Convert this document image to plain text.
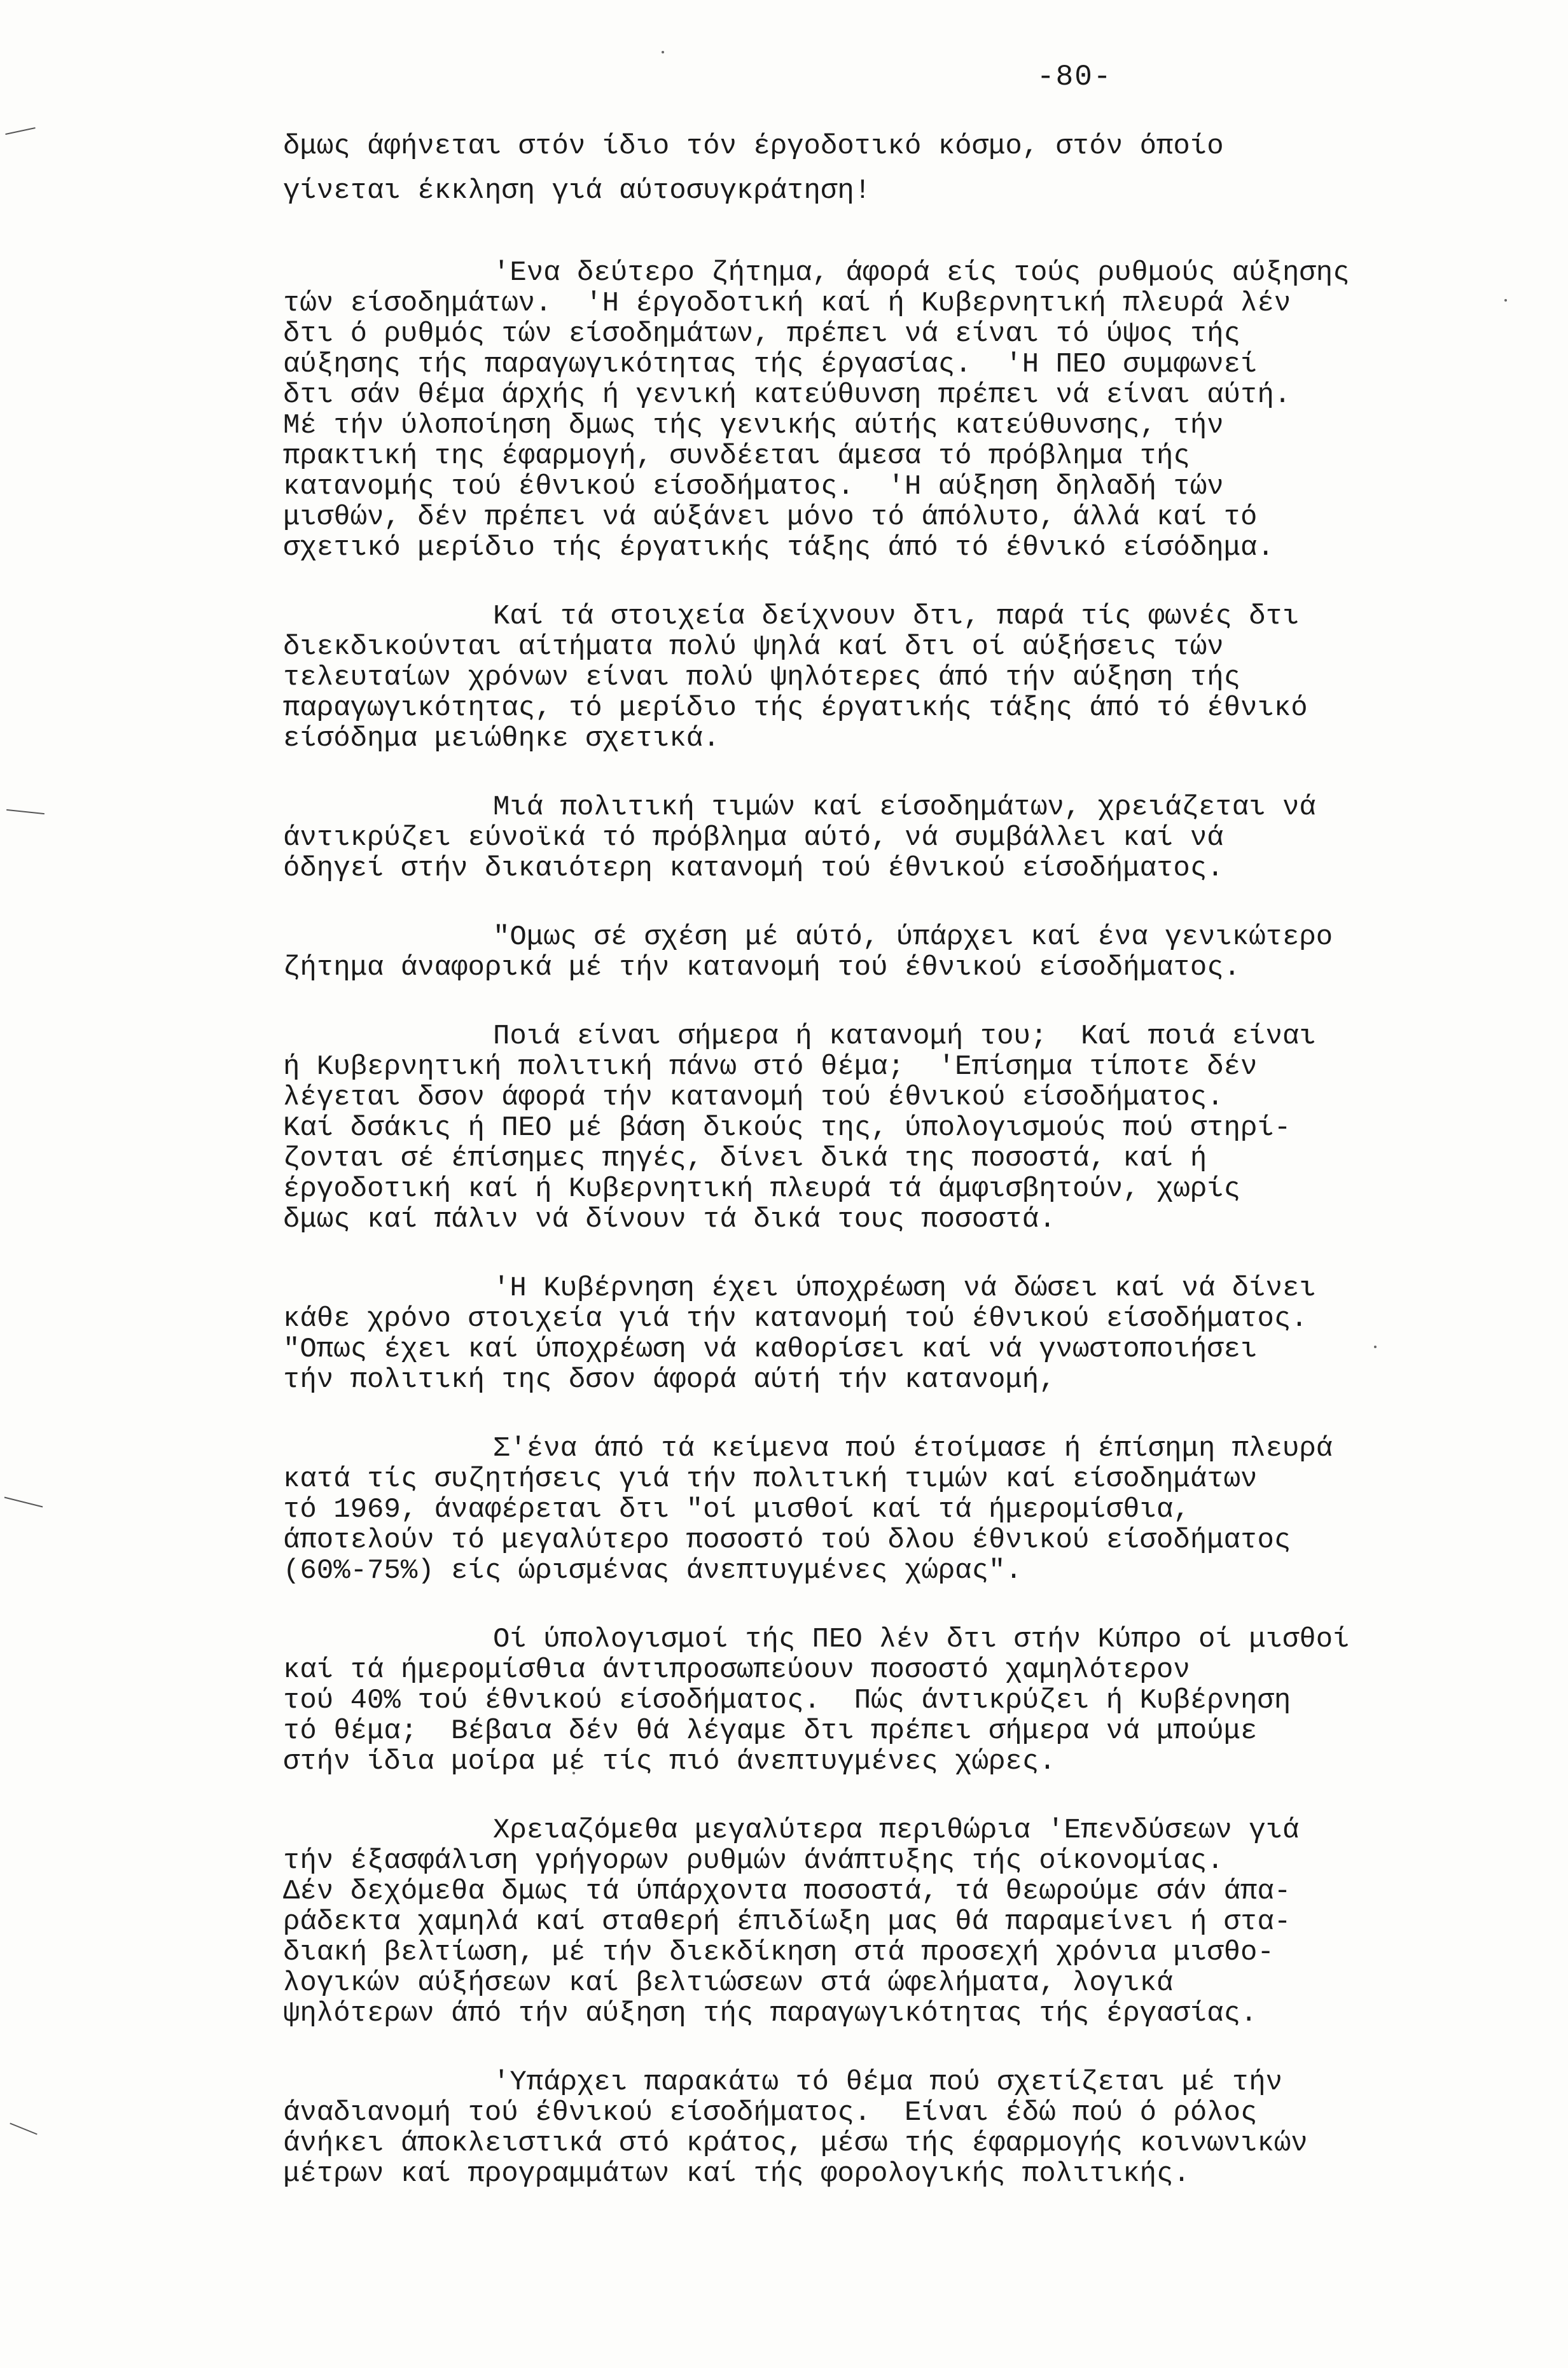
-80-
δμως άφήνεται στόν ίδιο τόν έργοδοτικό κόσμο, στόν όποίο
γίνεται έκκληση γιά αύτοσυγκράτηση!
'Ενα δεύτερο ζήτημα, άφορά είς τούς ρυθμούς αύξησης
τών είσοδημάτων.  'Η έργοδοτική καί ή Κυβερνητική πλευρά λέν
δτι ό ρυθμός τών είσοδημάτων, πρέπει νά είναι τό ύψος τής
αύξησης τής παραγωγικότητας τής έργασίας.  'Η ΠΕΟ συμφωνεί
δτι σάν θέμα άρχής ή γενική κατεύθυνση πρέπει νά είναι αύτή.
Μέ τήν ύλοποίηση δμως τής γενικής αύτής κατεύθυνσης, τήν
πρακτική της έφαρμογή, συνδέεται άμεσα τό πρόβλημα τής
κατανομής τού έθνικού είσοδήματος.  'Η αύξηση δηλαδή τών
μισθών, δέν πρέπει νά αύξάνει μόνο τό άπόλυτο, άλλά καί τό
σχετικό μερίδιο τής έργατικής τάξης άπό τό έθνικό είσόδημα.
Καί τά στοιχεία δείχνουν δτι, παρά τίς φωνές δτι
διεκδικούνται αίτήματα πολύ ψηλά καί δτι οί αύξήσεις τών
τελευταίων χρόνων είναι πολύ ψηλότερες άπό τήν αύξηση τής
παραγωγικότητας, τό μερίδιο τής έργατικής τάξης άπό τό έθνικό
είσόδημα μειώθηκε σχετικά.
Μιά πολιτική τιμών καί είσοδημάτων, χρειάζεται νά
άντικρύζει εύνοϊκά τό πρόβλημα αύτό, νά συμβάλλει καί νά
όδηγεί στήν δικαιότερη κατανομή τού έθνικού είσοδήματος.
"Ομως σέ σχέση μέ αύτό, ύπάρχει καί ένα γενικώτερο
ζήτημα άναφορικά μέ τήν κατανομή τού έθνικού είσοδήματος.
Ποιά είναι σήμερα ή κατανομή του;  Καί ποιά είναι
ή Κυβερνητική πολιτική πάνω στό θέμα;  'Επίσημα τίποτε δέν
λέγεται δσον άφορά τήν κατανομή τού έθνικού είσοδήματος.
Καί δσάκις ή ΠΕΟ μέ βάση δικούς της, ύπολογισμούς πού στηρί-
ζονται σέ έπίσημες πηγές, δίνει δικά της ποσοστά, καί ή
έργοδοτική καί ή Κυβερνητική πλευρά τά άμφισβητούν, χωρίς
δμως καί πάλιν νά δίνουν τά δικά τους ποσοστά.
'Η Κυβέρνηση έχει ύποχρέωση νά δώσει καί νά δίνει
κάθε χρόνο στοιχεία γιά τήν κατανομή τού έθνικού είσοδήματος.
"Οπως έχει καί ύποχρέωση νά καθορίσει καί νά γνωστοποιήσει
τήν πολιτική της δσον άφορά αύτή τήν κατανομή,
Σ'ένα άπό τά κείμενα πού έτοίμασε ή έπίσημη πλευρά
κατά τίς συζητήσεις γιά τήν πολιτική τιμών καί είσοδημάτων
τό 1969, άναφέρεται δτι "οί μισθοί καί τά ήμερομίσθια,
άποτελούν τό μεγαλύτερο ποσοστό τού δλου έθνικού είσοδήματος
(60%-75%) είς ώρισμένας άνεπτυγμένες χώρας".
Οί ύπολογισμοί τής ΠΕΟ λέν δτι στήν Κύπρο οί μισθοί
καί τά ήμερομίσθια άντιπροσωπεύουν ποσοστό χαμηλότερον
τού 40% τού έθνικού είσοδήματος.  Πώς άντικρύζει ή Κυβέρνηση
τό θέμα;  Βέβαια δέν θά λέγαμε δτι πρέπει σήμερα νά μπούμε
στήν ίδια μοίρα μέ τίς πιό άνεπτυγμένες χώρες.
Χρειαζόμεθα μεγαλύτερα περιθώρια 'Επενδύσεων γιά
τήν έξασφάλιση γρήγορων ρυθμών άνάπτυξης τής οίκονομίας.
Δέν δεχόμεθα δμως τά ύπάρχοντα ποσοστά, τά θεωρούμε σάν άπα-
ράδεκτα χαμηλά καί σταθερή έπιδίωξη μας θά παραμείνει ή στα-
διακή βελτίωση, μέ τήν διεκδίκηση στά προσεχή χρόνια μισθο-
λογικών αύξήσεων καί βελτιώσεων στά ώφελήματα, λογικά
ψηλότερων άπό τήν αύξηση τής παραγωγικότητας τής έργασίας.
'Υπάρχει παρακάτω τό θέμα πού σχετίζεται μέ τήν
άναδιανομή τού έθνικού είσοδήματος.  Είναι έδώ πού ό ρόλος
άνήκει άποκλειστικά στό κράτος, μέσω τής έφαρμογής κοινωνικών
μέτρων καί προγραμμάτων καί τής φορολογικής πολιτικής.
